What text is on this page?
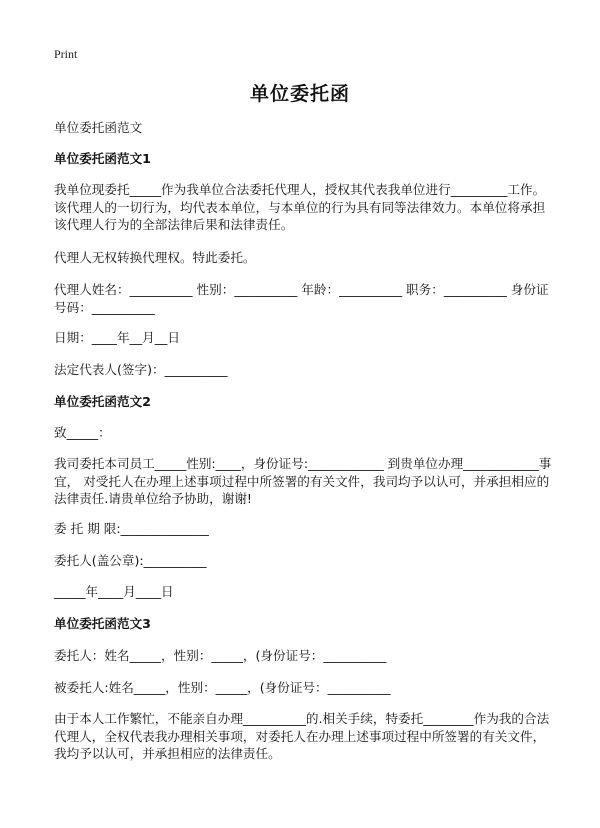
Print
单位委托函
单位委托函范文
单位委托函范文1
我单位现委托_____作为我单位合法委托代理人，授权其代表我单位进行_________工作。该代理人的一切行为，均代表本单位，与本单位的行为具有同等法律效力。本单位将承担该代理人行为的全部法律后果和法律责任。
代理人无权转换代理权。特此委托。
代理人姓名：__________ 性别：__________ 年龄：__________ 职务：__________ 身份证号码：__________
日期：____年__月__日
法定代表人(签字)：__________
单位委托函范文2
致_____：
我司委托本司员工_____性别:____，身份证号:____________ 到贵单位办理____________事宜， 对受托人在办理上述事项过程中所签署的有关文件，我司均予以认可，并承担相应的法律责任.请贵单位给予协助，谢谢!
委 托 期 限:______________
委托人(盖公章):__________
_____年____月____日
单位委托函范文3
委托人：姓名_____，性别：_____，(身份证号：__________
被委托人:姓名_____，性别：_____，(身份证号：__________
由于本人工作繁忙，不能亲自办理__________的.相关手续，特委托________作为我的合法代理人，全权代表我办理相关事项，对委托人在办理上述事项过程中所签署的有关文件，我均予以认可，并承担相应的法律责任。
